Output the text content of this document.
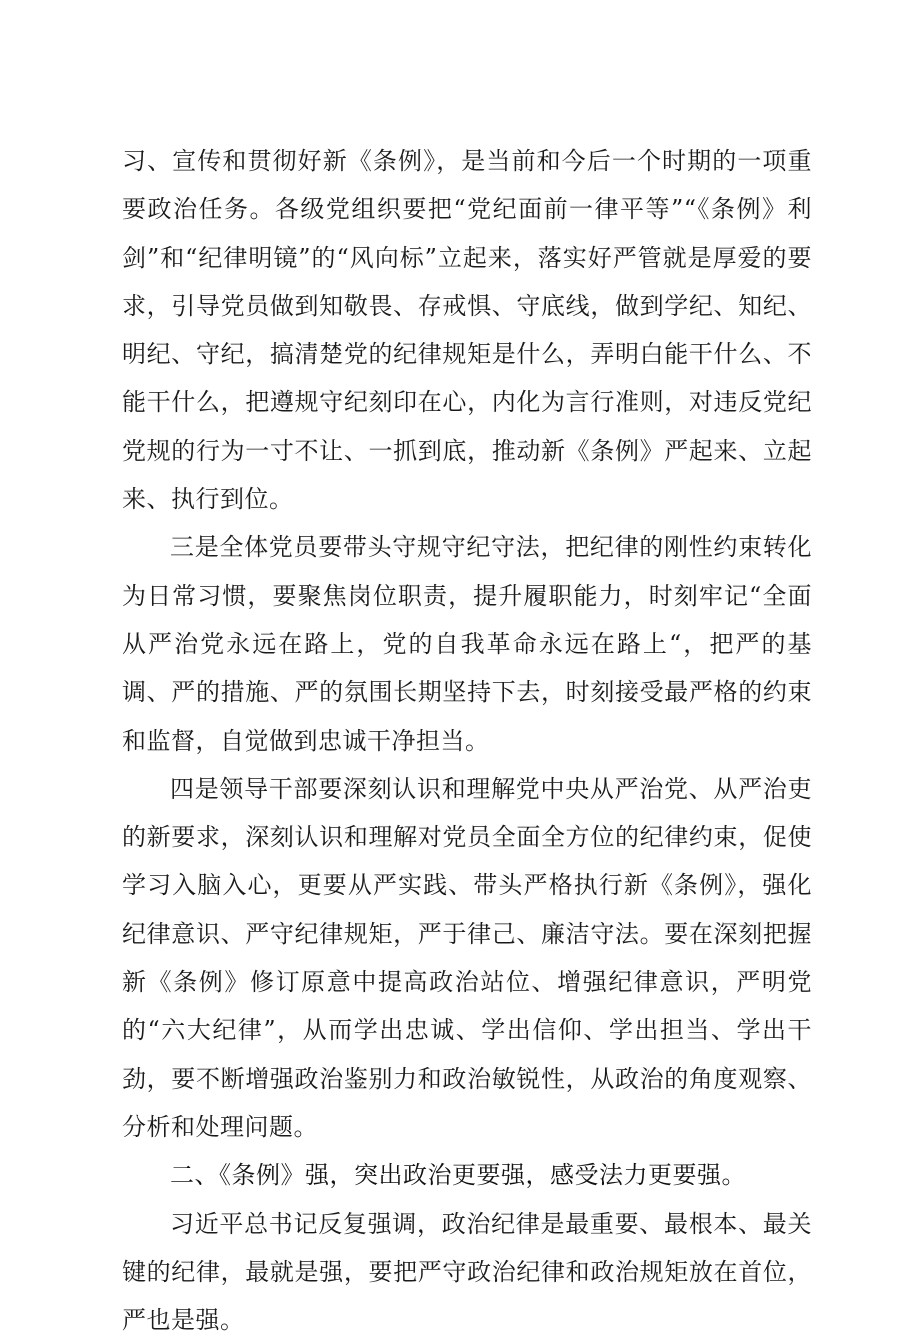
习、宣传和贯彻好新《条例》，是当前和今后一个时期的一项重要政治任务。各级党组织要把“党纪面前一律平等”“《条例》利剑”和“纪律明镜”的“风向标”立起来，落实好严管就是厚爱的要求，引导党员做到知敬畏、存戒惧、守底线，做到学纪、知纪、明纪、守纪，搞清楚党的纪律规矩是什么，弄明白能干什么、不能干什么，把遵规守纪刻印在心，内化为言行准则，对违反党纪党规的行为一寸不让、一抓到底，推动新《条例》严起来、立起来、执行到位。

三是全体党员要带头守规守纪守法，把纪律的刚性约束转化为日常习惯，要聚焦岗位职责，提升履职能力，时刻牢记“全面从严治党永远在路上，党的自我革命永远在路上“，把严的基调、严的措施、严的氛围长期坚持下去，时刻接受最严格的约束和监督，自觉做到忠诚干净担当。

四是领导干部要深刻认识和理解党中央从严治党、从严治吏的新要求，深刻认识和理解对党员全面全方位的纪律约束，促使学习入脑入心，更要从严实践、带头严格执行新《条例》，强化纪律意识、严守纪律规矩，严于律己、廉洁守法。要在深刻把握新《条例》修订原意中提高政治站位、增强纪律意识，严明党的“六大纪律”，从而学出忠诚、学出信仰、学出担当、学出干劲，要不断增强政治鉴别力和政治敏锐性，从政治的角度观察、分析和处理问题。

二、《条例》强，突出政治更要强，感受法力更要强。

习近平总书记反复强调，政治纪律是最重要、最根本、最关键的纪律，最就是强，要把严守政治纪律和政治规矩放在首位，严也是强。
